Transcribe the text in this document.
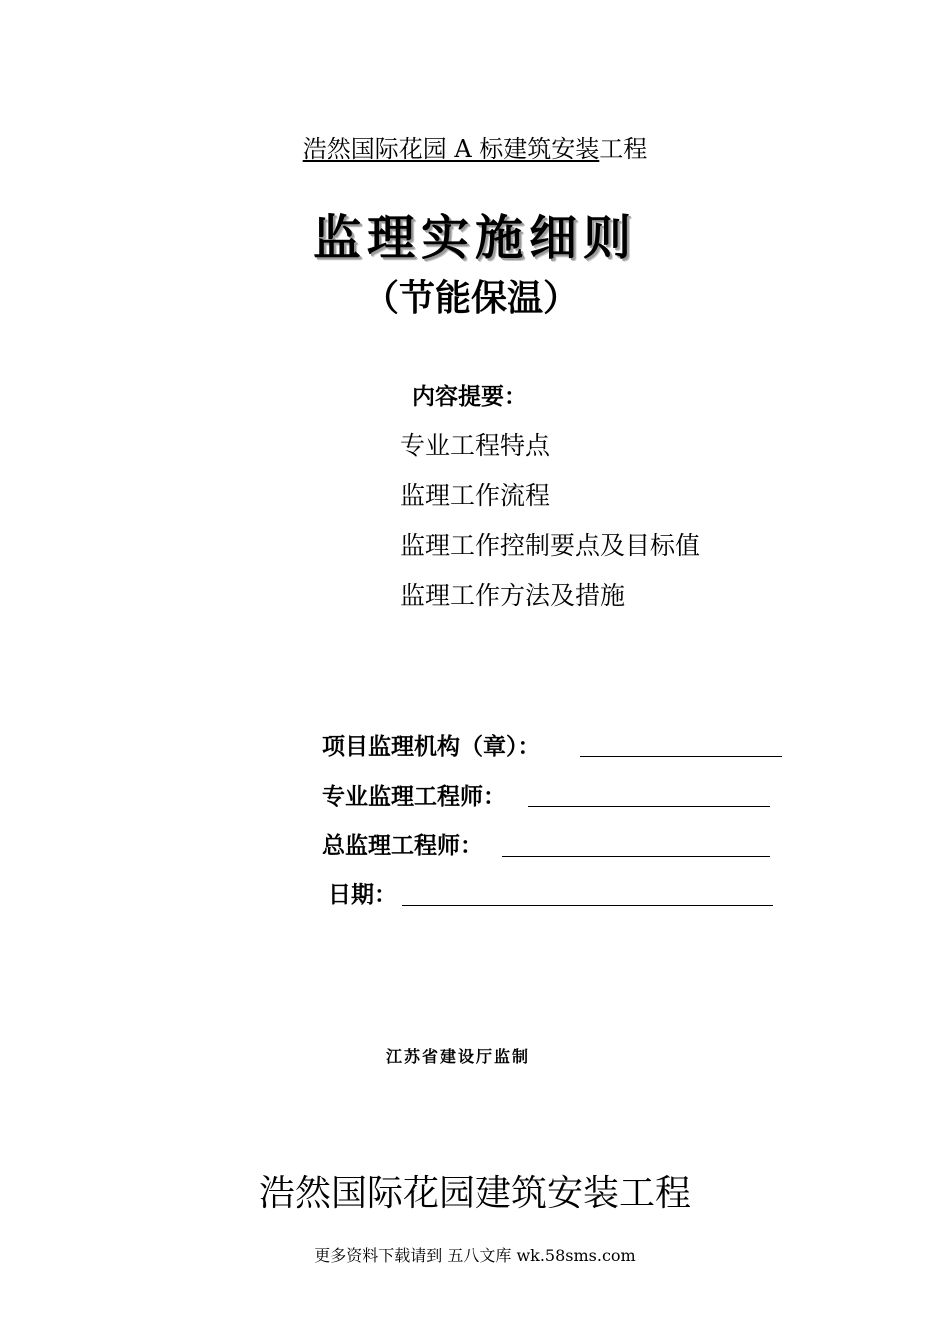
浩然国际花园 A 标建筑安装工程
监理实施细则
（节能保温）
内容提要：
专业工程特点
监理工作流程
监理工作控制要点及目标值
监理工作方法及措施
项目监理机构（章）：
专业监理工程师：
总监理工程师：
日期：
江苏省建设厅监制
浩然国际花园建筑安装工程
更多资料下载请到 五八文库 wk.58sms.com
